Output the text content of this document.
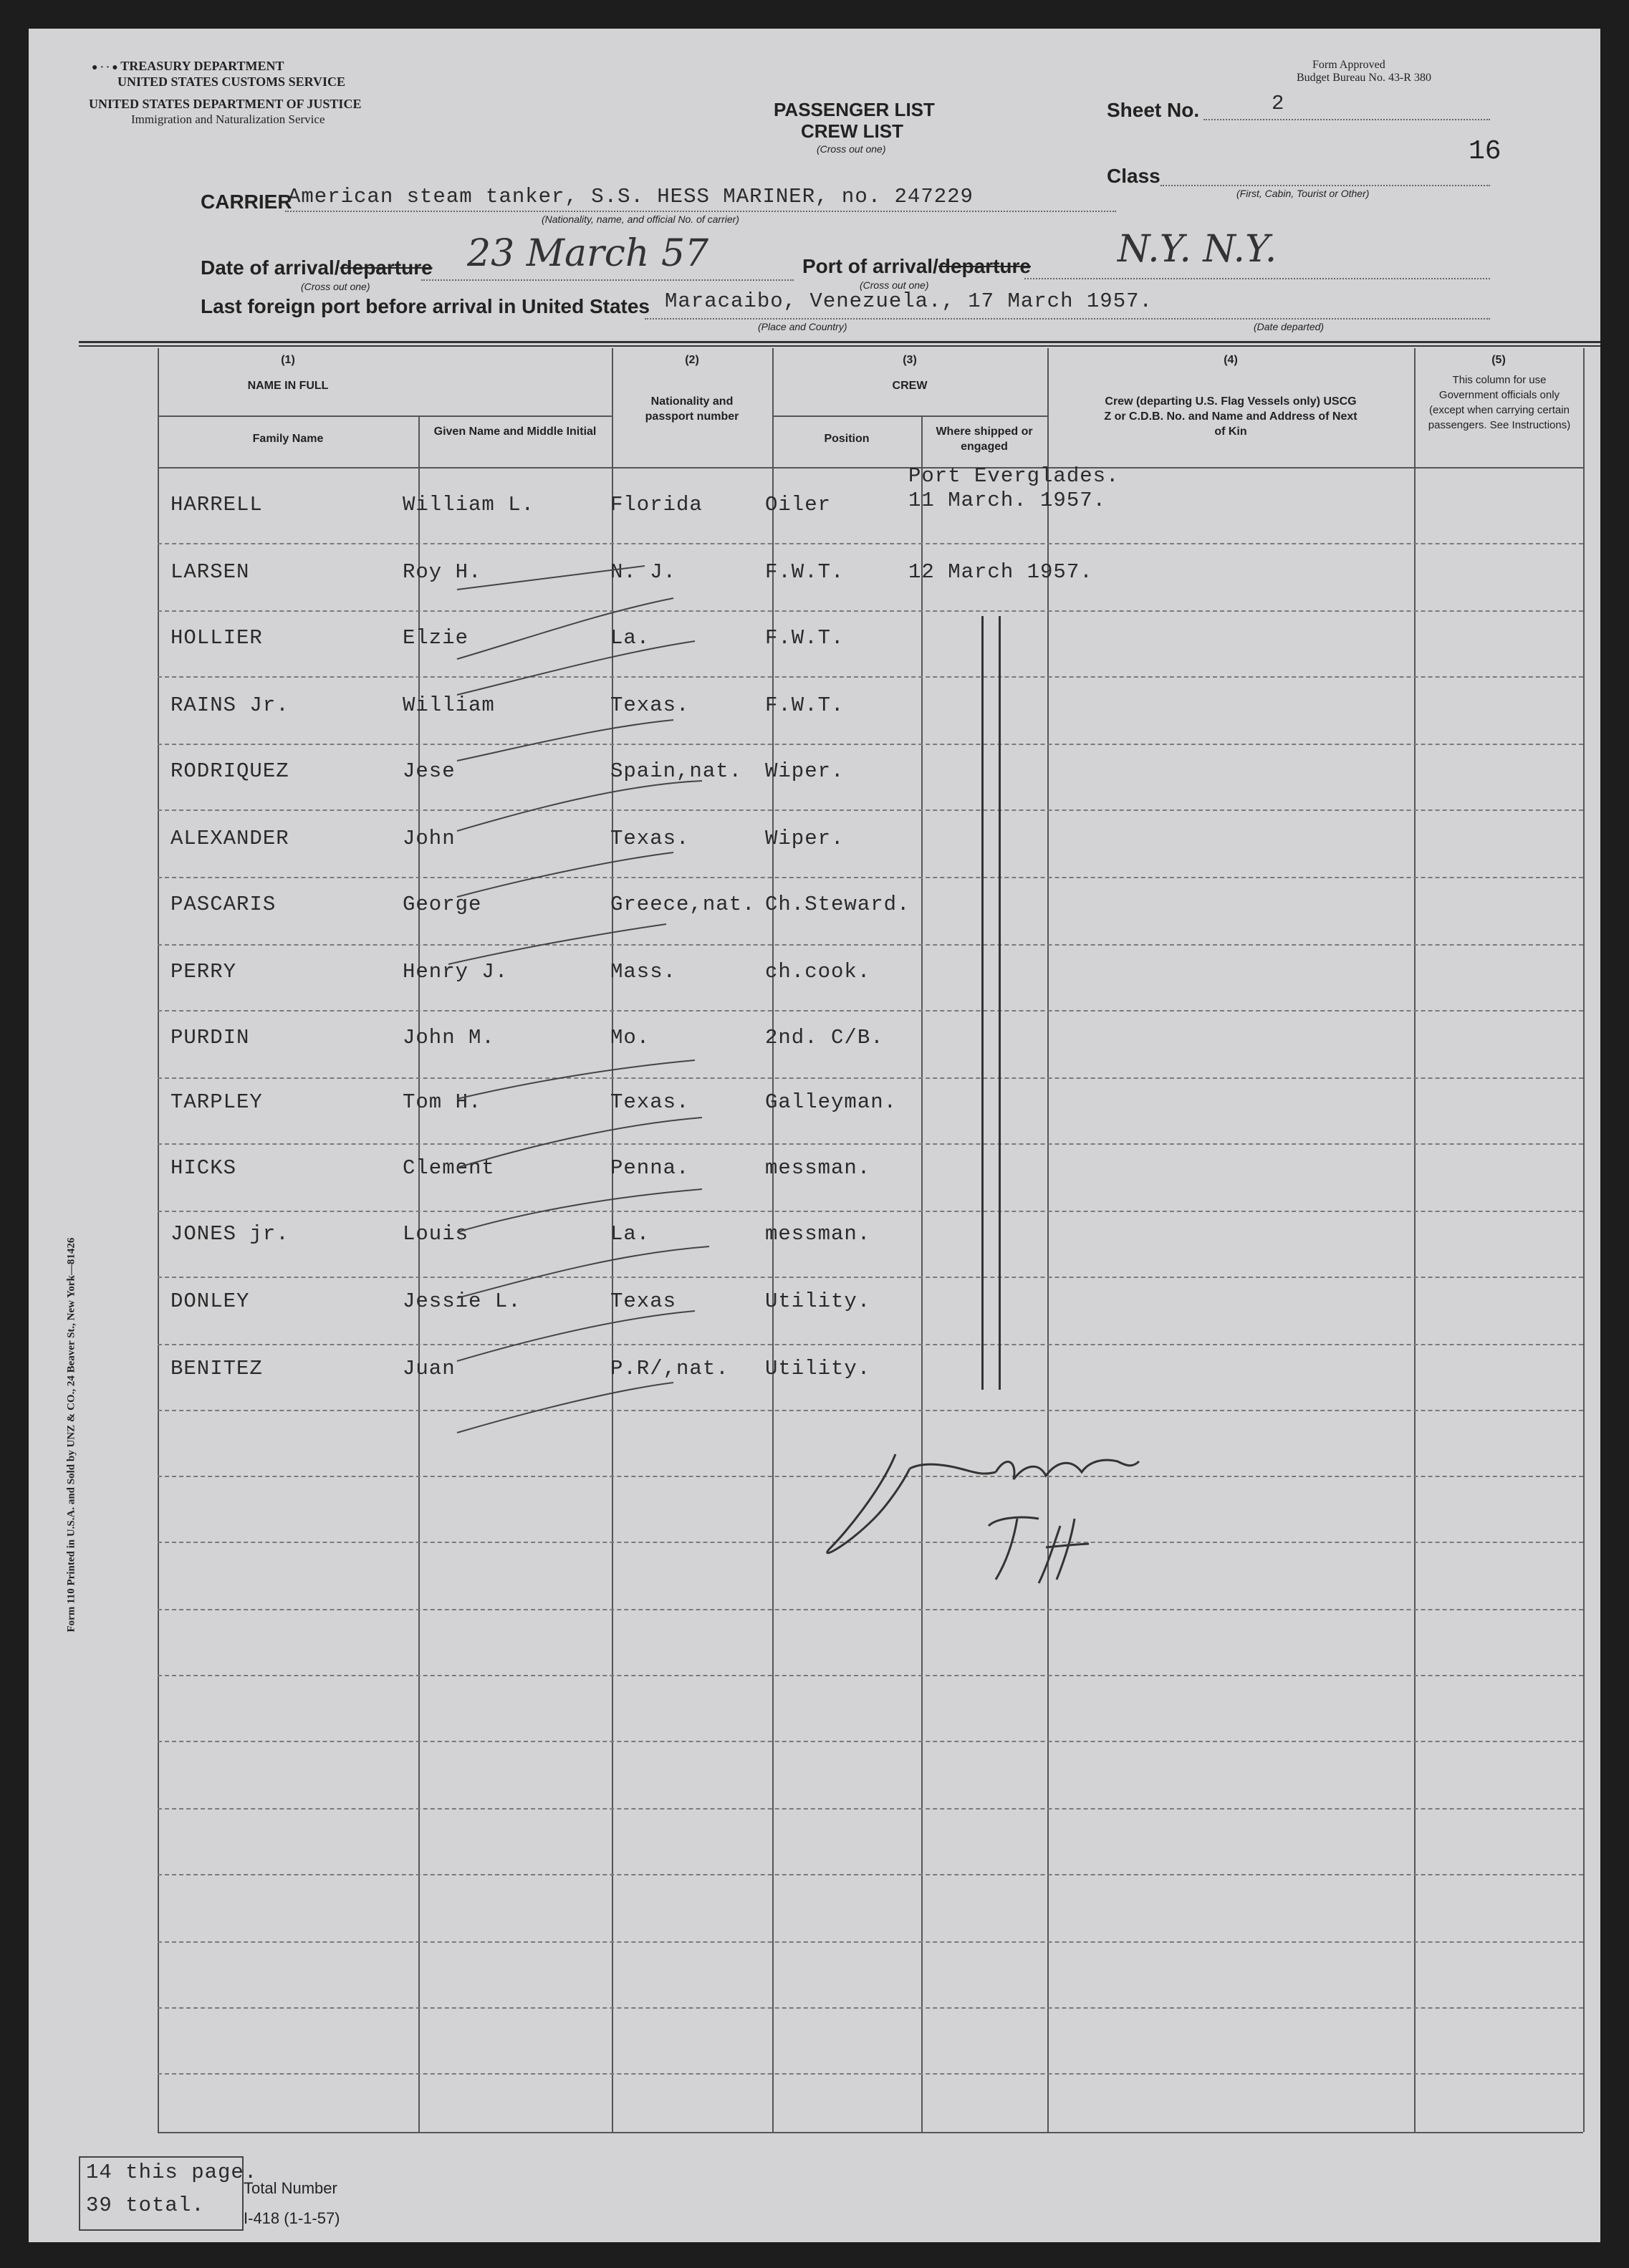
● · · ● TREASURY DEPARTMENT
UNITED STATES CUSTOMS SERVICE
UNITED STATES DEPARTMENT OF JUSTICE
Immigration and Naturalization Service	PASSENGER LIST
CREW LIST
(Cross out one)
Form Approved
Budget Bureau No. 43-R 380
Sheet No.	2
16
Class
(First, Cabin, Tourist or Other)
CARRIER
American steam tanker, S.S. HESS MARINER, no. 247229
(Nationality, name, and official No. of carrier)
Date of arrival/departure
(Cross out one)
23 March 57	Port of arrival/departure
(Cross out one)
N.Y. N.Y.
Last foreign port before arrival in United States Maracaibo, Venezuela., 17 March 1957.
(Place and Country)	(Date departed)
(1)
NAME IN FULL
Family Name
Given Name and Middle Initial
(2)
Nationality and passport number
(3)
CREW
Position
Where shipped or engaged
(4)
Crew (departing U.S. Flag Vessels only) USCG Z or C.D.B. No. and Name and Address of Next of Kin
(5)
This column for use Government officials only (except when carrying certain passengers. See Instructions)
HARRELL	William L.	Florida	Oiler
Port Everglades. 11 March. 1957.
LARSEN	Roy H.	N. J.	F.W.T.	12 March 1957.
HOLLIER	Elzie	La.	F.W.T.
RAINS Jr.	William	Texas.	F.W.T.
RODRIQUEZ	Jese	Spain,nat. Wiper.
ALEXANDER	John	Texas.	Wiper.
PASCARIS	George	Greece,nat. Ch.Steward.
PERRY	Henry J.	Mass.	ch.cook.
PURDIN	John M.	Mo.	2nd. C/B.
TARPLEY	Tom H.	Texas.	Galleyman.
HICKS	Clement	Penna.	messman.
JONES jr.	Louis	La.	messman.
DONLEY	Jessie L.	Texas	Utility.
BENITEZ	Juan	P.R/,nat. Utility.
T.H.
Form 110 Printed in U.S.A. and Sold by UNZ & CO., 24 Beaver St., New York—81426
14 this page.
39 total.
Total Number
I-418 (1-1-57)
